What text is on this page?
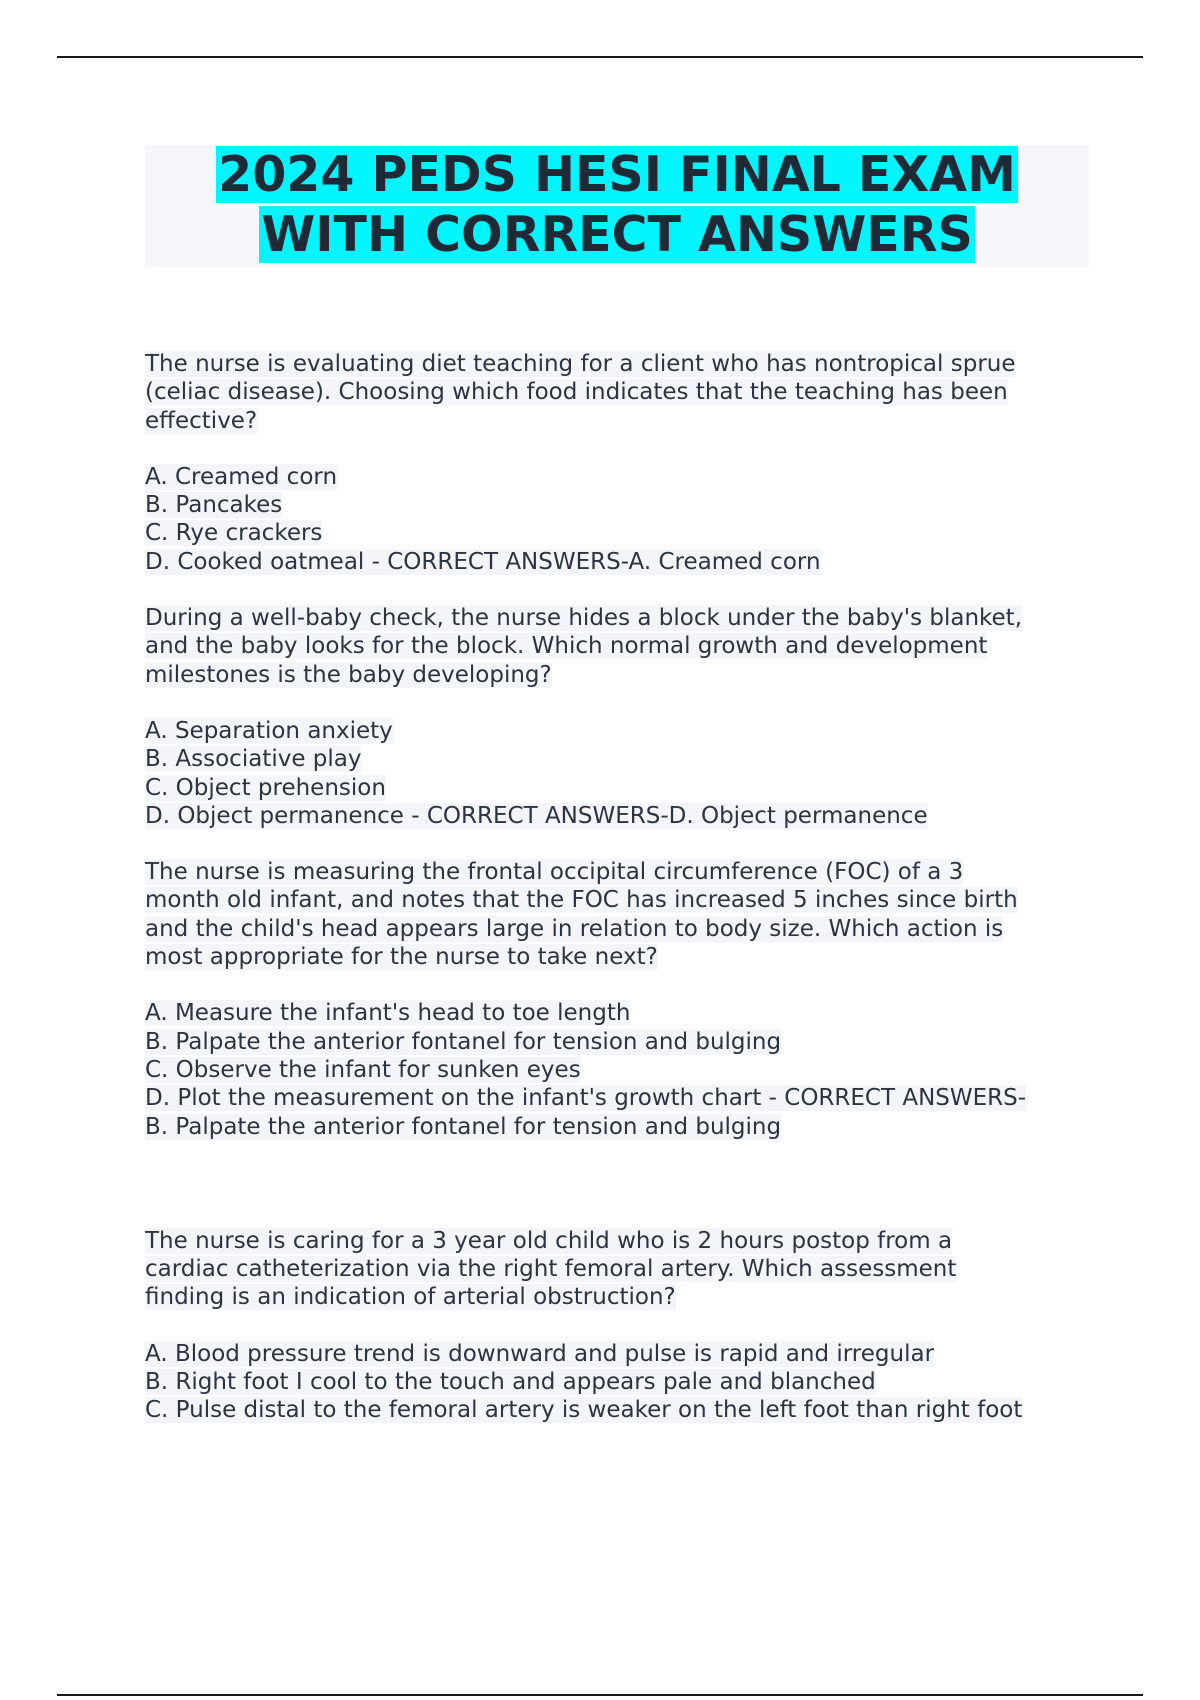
2024 PEDS HESI FINAL EXAM
WITH CORRECT ANSWERS

The nurse is evaluating diet teaching for a client who has nontropical sprue
(celiac disease). Choosing which food indicates that the teaching has been
effective?

A. Creamed corn
B. Pancakes
C. Rye crackers
D. Cooked oatmeal - CORRECT ANSWERS-A. Creamed corn

During a well-baby check, the nurse hides a block under the baby's blanket,
and the baby looks for the block. Which normal growth and development
milestones is the baby developing?

A. Separation anxiety
B. Associative play
C. Object prehension
D. Object permanence - CORRECT ANSWERS-D. Object permanence

The nurse is measuring the frontal occipital circumference (FOC) of a 3
month old infant, and notes that the FOC has increased 5 inches since birth
and the child's head appears large in relation to body size. Which action is
most appropriate for the nurse to take next?

A. Measure the infant's head to toe length
B. Palpate the anterior fontanel for tension and bulging
C. Observe the infant for sunken eyes
D. Plot the measurement on the infant's growth chart - CORRECT ANSWERS-
B. Palpate the anterior fontanel for tension and bulging

The nurse is caring for a 3 year old child who is 2 hours postop from a
cardiac catheterization via the right femoral artery. Which assessment
finding is an indication of arterial obstruction?

A. Blood pressure trend is downward and pulse is rapid and irregular
B. Right foot I cool to the touch and appears pale and blanched
C. Pulse distal to the femoral artery is weaker on the left foot than right foot
